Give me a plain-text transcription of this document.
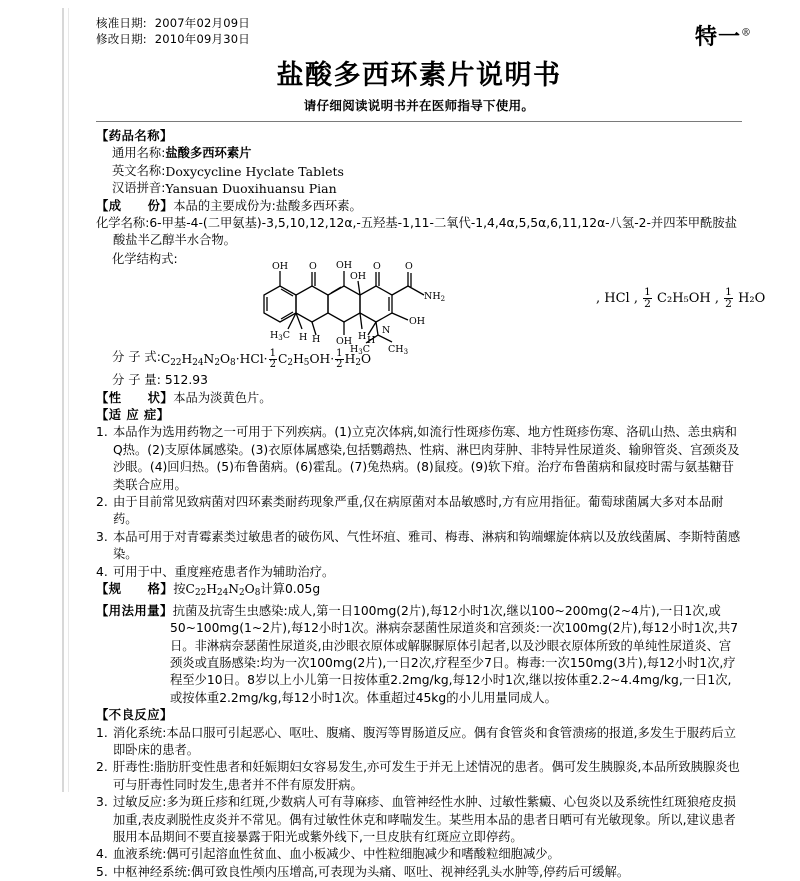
核准日期: 2007年02月09日
修改日期: 2010年09月30日	特一®
盐酸多西环素片说明书
请仔细阅读说明书并在医师指导下使用。
【药品名称】
通用名称: 盐酸多西环素片
英文名称: Doxycycline Hyclate Tablets
汉语拼音: Yansuan Duoxihuansu Pian
【成 份】本品的主要成份为:盐酸多西环素。
化学名称:6-甲基-4-(二甲氨基)-3,5,10,12,12α,-五羟基-1,11-二氧代-1,4,4α,5,5α,6,11,12α-八氢-2-并四苯甲酰胺盐酸盐半乙醇半水合物。
化学结构式:
OH O OH
OH
O	O
$NH_2$
OH
OH
$H_3C$ H H	H H
N
$H_3C$ $CH_3$
, HCl , $\frac{1}{2} C_2H_5OH$ , $\frac{1}{2} H_2O$
分 子 式: $C_{22}H_{24}N_2O_8\cdot HCl\cdot \frac{1}{2} C_2H_5OH\cdot \frac{1}{2} H_2O$
分 子 量: 512.93
【性 状】本品为淡黄色片。
【适 应 症】
1. 本品作为选用药物之一可用于下列疾病。(1)立克次体病,如流行性斑疹伤寒、地方性斑疹伤寒、洛矶山热、恙虫病和Q热。(2)支原体属感染。(3)衣原体属感染,包括鹦鹉热、性病、淋巴肉芽肿、非特异性尿道炎、输卵管炎、宫颈炎及沙眼。(4)回归热。(5)布鲁菌病。(6)霍乱。(7)兔热病。(8)鼠疫。(9)软下疳。治疗布鲁菌病和鼠疫时需与氨基糖苷类联合应用。
2. 由于目前常见致病菌对四环素类耐药现象严重,仅在病原菌对本品敏感时,方有应用指征。葡萄球菌属大多对本品耐药。
3. 本品可用于对青霉素类过敏患者的破伤风、气性坏疽、雅司、梅毒、淋病和钩端螺旋体病以及放线菌属、李斯特菌感染。
4. 可用于中、重度痤疮患者作为辅助治疗。
【规 格】按$C_{22}H_{24}N_2O_8$计算0.05g
【用法用量】抗菌及抗寄生虫感染:成人,第一日100mg(2片),每12小时1次,继以100~200mg(2~4片),一日1次,或50~100mg(1~2片),每12小时1次。淋病奈瑟菌性尿道炎和宫颈炎:一次100mg(2片),每12小时1次,共7日。非淋病奈瑟菌性尿道炎,由沙眼衣原体或解脲脲原体引起者,以及沙眼衣原体所致的单纯性尿道炎、宫颈炎或直肠感染:均为一次100mg(2片),一日2次,疗程至少7日。梅毒:一次150mg(3片),每12小时1次,疗程至少10日。8岁以上小儿第一日按体重2.2mg/kg,每12小时1次,继以按体重2.2~4.4mg/kg,一日1次,或按体重2.2mg/kg,每12小时1次。体重超过45kg的小儿用量同成人。
【不良反应】
1. 消化系统:本品口服可引起恶心、呕吐、腹痛、腹泻等胃肠道反应。偶有食管炎和食管溃疡的报道,多发生于服药后立即卧床的患者。
2. 肝毒性:脂肪肝变性患者和妊娠期妇女容易发生,亦可发生于并无上述情况的患者。偶可发生胰腺炎,本品所致胰腺炎也可与肝毒性同时发生,患者并不伴有原发肝病。
3. 过敏反应:多为斑丘疹和红斑,少数病人可有荨麻疹、血管神经性水肿、过敏性紫癜、心包炎以及系统性红斑狼疮皮损加重,表皮剥脱性皮炎并不常见。偶有过敏性休克和哮喘发生。某些用本品的患者日晒可有光敏现象。所以,建议患者服用本品期间不要直接暴露于阳光或紫外线下,一旦皮肤有红斑应立即停药。
4. 血液系统:偶可引起溶血性贫血、血小板减少、中性粒细胞减少和嗜酸粒细胞减少。
5. 中枢神经系统:偶可致良性颅内压增高,可表现为头痛、呕吐、视神经乳头水肿等,停药后可缓解。
